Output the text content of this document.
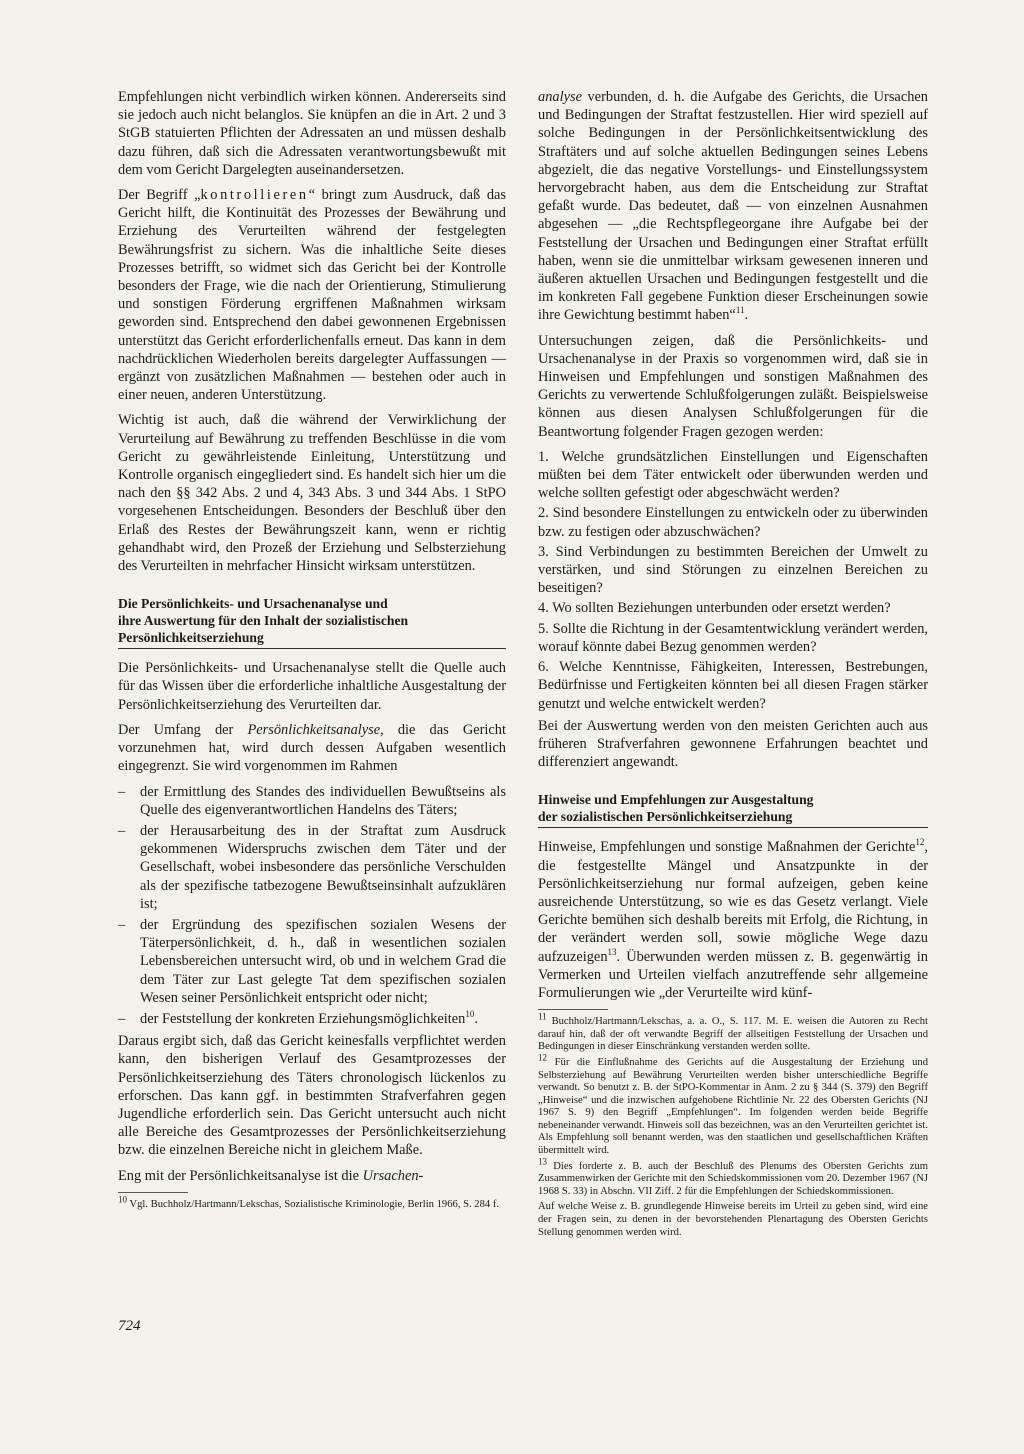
Empfehlungen nicht verbindlich wirken können. Andererseits sind sie jedoch auch nicht belanglos. Sie knüpfen an die in Art. 2 und 3 StGB statuierten Pflichten der Adressaten an und müssen deshalb dazu führen, daß sich die Adressaten verantwortungsbewußt mit dem vom Gericht Dargelegten auseinandersetzen.

Der Begriff „kontrollieren“ bringt zum Ausdruck, daß das Gericht hilft, die Kontinuität des Prozesses der Bewährung und Erziehung des Verurteilten während der festgelegten Bewährungsfrist zu sichern. Was die inhaltliche Seite dieses Prozesses betrifft, so widmet sich das Gericht bei der Kontrolle besonders der Frage, wie die nach der Orientierung, Stimulierung und sonstigen Förderung ergriffenen Maßnahmen wirksam geworden sind. Entsprechend den dabei gewonnenen Ergebnissen unterstützt das Gericht erforderlichenfalls erneut. Das kann in dem nachdrücklichen Wiederholen bereits dargelegter Auffassungen — ergänzt von zusätzlichen Maßnahmen — bestehen oder auch in einer neuen, anderen Unterstützung.

Wichtig ist auch, daß die während der Verwirklichung der Verurteilung auf Bewährung zu treffenden Beschlüsse in die vom Gericht zu gewährleistende Einleitung, Unterstützung und Kontrolle organisch eingegliedert sind. Es handelt sich hier um die nach den §§ 342 Abs. 2 und 4, 343 Abs. 3 und 344 Abs. 1 StPO vorgesehenen Entscheidungen. Besonders der Beschluß über den Erlaß des Restes der Bewährungszeit kann, wenn er richtig gehandhabt wird, den Prozeß der Erziehung und Selbsterziehung des Verurteilten in mehrfacher Hinsicht wirksam unterstützen.

Die Persönlichkeits- und Ursachenanalyse und
ihre Auswertung für den Inhalt der sozialistischen
Persönlichkeitserziehung

Die Persönlichkeits- und Ursachenanalyse stellt die Quelle auch für das Wissen über die erforderliche inhaltliche Ausgestaltung der Persönlichkeitserziehung des Verurteilten dar.

Der Umfang der Persönlichkeitsanalyse, die das Gericht vorzunehmen hat, wird durch dessen Aufgaben wesentlich eingegrenzt. Sie wird vorgenommen im Rahmen

– der Ermittlung des Standes des individuellen Bewußtseins als Quelle des eigenverantwortlichen Handelns des Täters;
– der Herausarbeitung des in der Straftat zum Ausdruck gekommenen Widerspruchs zwischen dem Täter und der Gesellschaft, wobei insbesondere das persönliche Verschulden als der spezifische tatbezogene Bewußtseinsinhalt aufzuklären ist;
– der Ergründung des spezifischen sozialen Wesens der Täterpersönlichkeit, d. h., daß in wesentlichen sozialen Lebensbereichen untersucht wird, ob und in welchem Grad die dem Täter zur Last gelegte Tat dem spezifischen sozialen Wesen seiner Persönlichkeit entspricht oder nicht;
– der Feststellung der konkreten Erziehungsmöglichkeiten$^{10}$.

Daraus ergibt sich, daß das Gericht keinesfalls verpflichtet werden kann, den bisherigen Verlauf des Gesamtprozesses der Persönlichkeitserziehung des Täters chronologisch lückenlos zu erforschen. Das kann ggf. in bestimmten Strafverfahren gegen Jugendliche erforderlich sein. Das Gericht untersucht auch nicht alle Bereiche des Gesamtprozesses der Persönlichkeitserziehung bzw. die einzelnen Bereiche nicht in gleichem Maße.

Eng mit der Persönlichkeitsanalyse ist die Ursachen-

$^{10}$ Vgl. Buchholz/Hartmann/Lekschas, Sozialistische Kriminologie, Berlin 1966, S. 284 f.

analyse verbunden, d. h. die Aufgabe des Gerichts, die Ursachen und Bedingungen der Straftat festzustellen. Hier wird speziell auf solche Bedingungen in der Persönlichkeitsentwicklung des Straftäters und auf solche aktuellen Bedingungen seines Lebens abgezielt, die das negative Vorstellungs- und Einstellungssystem hervorgebracht haben, aus dem die Entscheidung zur Straftat gefaßt wurde. Das bedeutet, daß — von einzelnen Ausnahmen abgesehen — „die Rechtspflegeorgane ihre Aufgabe bei der Feststellung der Ursachen und Bedingungen einer Straftat erfüllt haben, wenn sie die unmittelbar wirksam gewesenen inneren und äußeren aktuellen Ursachen und Bedingungen festgestellt und die im konkreten Fall gegebene Funktion dieser Erscheinungen sowie ihre Gewichtung bestimmt haben“$^{11}$.

Untersuchungen zeigen, daß die Persönlichkeits- und Ursachenanalyse in der Praxis so vorgenommen wird, daß sie in Hinweisen und Empfehlungen und sonstigen Maßnahmen des Gerichts zu verwertende Schlußfolgerungen zuläßt. Beispielsweise können aus diesen Analysen Schlußfolgerungen für die Beantwortung folgender Fragen gezogen werden:

1. Welche grundsätzlichen Einstellungen und Eigenschaften müßten bei dem Täter entwickelt oder überwunden werden und welche sollten gefestigt oder abgeschwächt werden?
2. Sind besondere Einstellungen zu entwickeln oder zu überwinden bzw. zu festigen oder abzuschwächen?
3. Sind Verbindungen zu bestimmten Bereichen der Umwelt zu verstärken, und sind Störungen zu einzelnen Bereichen zu beseitigen?
4. Wo sollten Beziehungen unterbunden oder ersetzt werden?
5. Sollte die Richtung in der Gesamtentwicklung verändert werden, worauf könnte dabei Bezug genommen werden?
6. Welche Kenntnisse, Fähigkeiten, Interessen, Bestrebungen, Bedürfnisse und Fertigkeiten könnten bei all diesen Fragen stärker genutzt und welche entwickelt werden?

Bei der Auswertung werden von den meisten Gerichten auch aus früheren Strafverfahren gewonnene Erfahrungen beachtet und differenziert angewandt.

Hinweise und Empfehlungen zur Ausgestaltung
der sozialistischen Persönlichkeitserziehung

Hinweise, Empfehlungen und sonstige Maßnahmen der Gerichte$^{12}$, die festgestellte Mängel und Ansatzpunkte in der Persönlichkeitserziehung nur formal aufzeigen, geben keine ausreichende Unterstützung, so wie es das Gesetz verlangt. Viele Gerichte bemühen sich deshalb bereits mit Erfolg, die Richtung, in der verändert werden soll, sowie mögliche Wege dazu aufzuzeigen$^{13}$. Überwunden werden müssen z. B. gegenwärtig in Vermerken und Urteilen vielfach anzutreffende sehr allgemeine Formulierungen wie „der Verurteilte wird künf-

$^{11}$ Buchholz/Hartmann/Lekschas, a. a. O., S. 117. M. E. weisen die Autoren zu Recht darauf hin, daß der oft verwandte Begriff der allseitigen Feststellung der Ursachen und Bedingungen in dieser Einschränkung verstanden werden sollte.

$^{12}$ Für die Einflußnahme des Gerichts auf die Ausgestaltung der Erziehung und Selbsterziehung auf Bewährung Verurteilten werden bisher unterschiedliche Begriffe verwandt. So benutzt z. B. der StPO-Kommentar in Anm. 2 zu § 344 (S. 379) den Begriff „Hinweise“ und die inzwischen aufgehobene Richtlinie Nr. 22 des Obersten Gerichts (NJ 1967 S. 9) den Begriff „Empfehlungen“. Im folgenden werden beide Begriffe nebeneinander verwandt. Hinweis soll das bezeichnen, was an den Verurteilten gerichtet ist. Als Empfehlung soll benannt werden, was den staatlichen und gesellschaftlichen Kräften übermittelt wird.

$^{13}$ Dies forderte z. B. auch der Beschluß des Plenums des Obersten Gerichts zum Zusammenwirken der Gerichte mit den Schiedskommissionen vom 20. Dezember 1967 (NJ 1968 S. 33) in Abschn. VII Ziff. 2 für die Empfehlungen der Schiedskommissionen.

Auf welche Weise z. B. grundlegende Hinweise bereits im Urteil zu geben sind, wird eine der Fragen sein, zu denen in der bevorstehenden Plenartagung des Obersten Gerichts Stellung genommen werden wird.

724
